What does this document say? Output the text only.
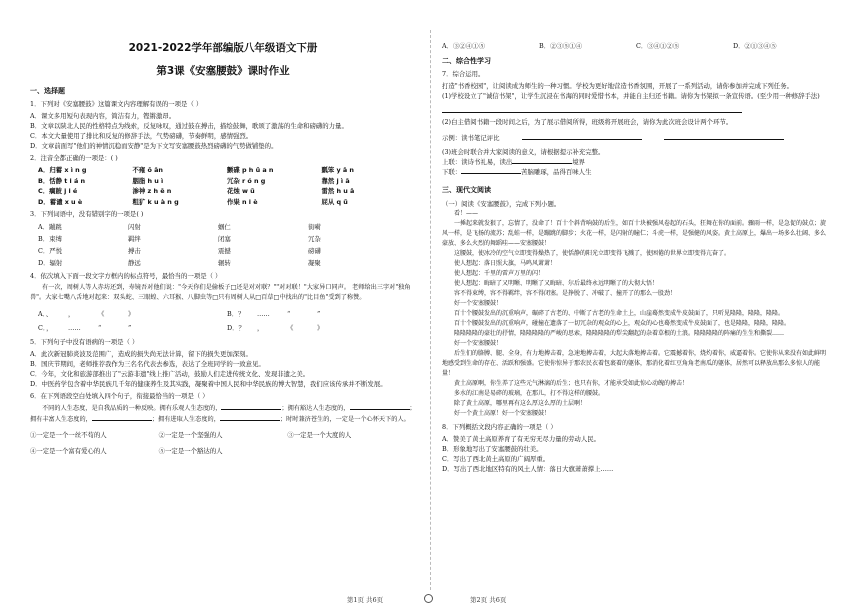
2021-2022学年部编版八年级语文下册
第3课《安塞腰鼓》课时作业
一、选择题
1．下列对《安塞腰鼓》这篇课文内容理解有误的一项是（ ）
A．课文多用短句表现内容，简洁有力，铿锵激昂。
B．文章以陕北人民的性格特点为线索，反复咏叹，通过鼓在搏击，描绘鼓舞，歌颂了激荡的生命和磅礴的力量。
C．本文大量使用了排比和反复的修辞手法，气势磅礴，节奏鲜明，感情强烈。
D．文章前面写"他们的神情沉稳而安静"是为下文写安塞腰鼓热烈磅礴的气势做铺垫的。
2．注音全都正确的一项是：( )
A．归蓄 x ì n g	不雍 ǒ ān	颤碟 p h ǔ a n	瓢笨 y ā n
B．恬静 t i á n	胭脂 h u ì	冗杂 r ó n g	靠然 j ì ā
C．瘸跛 j i é	渗神 z h ē n	花烛 w ǔ	雷然 h u ā
D．蓄谴 x u è	粗犷 k u à n g	作粜 n i è	屁从 q ǔ
3．下列词语中，没有错别字的一项是( )
A．蹦跳	闪射	蝈仁	街嗬
B．束缚	羁绊	闭塞	冗杂
C．严悦	搏击	震撼	磅礴
D．辐射	静远	辗转	凝聚
4．依次填入下面一段文字方框内的标点符号，最恰当的一项是（ ）
有一次，周树人等人赤坊还到，寿镜吾对他们说："今天你们是偷板子□还是对对联？""对对联！"大家异口同声。 老师给出三字对"独角兽"。大家七嘴八舌地对起来：双头蛇、三眼蝗、六耳猴、八脚虫等□只有周树人从□百草□中找出的"比目鱼"受到了称赞。
A．、	，	《	》	B．？	……	“	”
C．，	……	“	”	D．？	，	《	》
5．下列句子中没有语病的一项是（ ）
A．此次新冠肺炎波及范围广，造成的损失尚无法计算，留下的损失更加深刻。
B．国庆节期间，老师推荐我作为三名名代表去参选，表达了全班同学的一致意见。
C．今年，文化和旅游部推出了"云游非遗"线上推广活动，鼓励人们走进传统文化、发现非遗之美。
D．中医药学包含着中华民族几千年的健康养生及其实践，凝聚着中国人民和中华民族的博大智慧，我们应该传承并不断发展。
6．在下列语段空白处填入四个句子，衔接最恰当的一项是（ ）
不同的人生态度，是自我品质的一种反映。拥有乐观人生态度的，	；拥有豁达人生态度的，	；拥有丰富人生态度的，	；拥有进取人生态度的，	；时时兼济苍生的，一定是一个心怀天下的人。
①一定是一个一丝不苟的人	②一定是一个坚强的人	③一定是一个大度的人
④一定是一个富有爱心的人	⑤一定是一个豁达的人
A．③②④①⑤	B．②③⑤①④	C．③④①②⑤	D．②①③④⑤
二、综合性学习
7．综合运用。
打造"书香校园"，让阅读成为师生的一种习惯。学校为更好地营造书香氛围，开展了一系列活动，请你参加并完成下列任务。
(1)学校设立了"诚信书架"，让学生沉浸在书海的同时爱惜书本，并能自主归还书籍。请你为书架拟一条宣传语。(至少用一种修辞手法)
(2)白主借阅书籍一段时间之后，为了展示借阅所得，班级将开展班会，请你为此次班会设计两个环节。
示例：读书笔记评比
(3)班会时联合并大家阅读的意义，请根据提示补充完整。
上联：读诗书礼易，读出	境界
下联：	苦脑雕琢，品得百味人生
三、现代文阅读
（一）阅读《安塞腰鼓》，完成下列小题。
看！——
一捶起来就发狠了，忘情了，没命了！百十个斜背响鼓的后生，如百十块被强风卷起的石头，狂舞在你的面前。骤雨一样，是急促的鼓点；旋风一样，是飞扬的流苏；乱蛙一样，是蹦跳的脚步；火花一样，是闪射的瞳仁；斗虎一样，是强健的风姿。黄土高原上，爆出一场多么壮阔、多么豪放、多么火烈的舞蹈哇——安塞腰鼓！
这腰鼓，使冰冷的空气立即变得燥热了，使恬静的阳光立即变得飞溅了，使困倦的世界立即变得亢奋了。
使人想起：落日照大旗，马鸣风萧萧！
使人想起：千里的雷声万里的闪！
使人想起：晦暗了又明晰、明晰了又晦暗、尔后最终永远明晰了的大彻大悟！
容不得束缚，容不得羁绊，容不得闭塞。是挣脱了、冲破了、撞开了的那么一股劲！
好一个安塞腰鼓！
百十个腰鼓发出的沉重响声，碾碎了古老的、中断了古老的生命土上，山崖蓦然变成牛皮鼓面了，只听见隆隆，隆隆，隆隆。
百十个腰鼓发出的沉重响声，碰撞在遗落了一切冗杂的观众的心上，观众的心也蓦然变成牛皮鼓面了，也是隆隆，隆隆，隆隆。
隆隆隆隆的豪壮的抒情，隆隆隆隆的严峻的思索，隆隆隆隆的犁尖翻起的杂着草根的土浪。隆隆隆隆的阵痛的生生和撕裂……
好一个安塞腰鼓！
后生们的胳膊、腿、全身，有力地搏击着，急速地搏击着，大起大落地搏击着。它震撼着你，烧灼着你，威逼着你。它使你从来没有如此鲜明地感受到生命的存在、活跃和强盛。它使你惊异于那农民衣着包裹着的躯体，那消化着红豆角角老南瓜的躯体，居然可以释放出那么多惊人的能量！
黄土高原啊，你生养了这些元气淋漓的后生；也只有你，才能承受如此惊心动魄的搏击！
多水的江南是易碎的玻璃，在那儿，打不得这样的腰鼓。
除了黄土高原，哪里再有这么厚这么厚的土层啊！
好一个黄土高原！好一个安塞腰鼓！
8．下列概括文段内容正确的一项是（ ）
A．赞美了黄土高原养育了有无穷无尽力量的劳动人民。
B．形象地写出了安塞腰鼓的壮美。
C．写出了西北黄土高原的广阔厚重。
D．写出了西北地区特有的风土人情：落日大旗萧萧撑上……
第1页 共6页	第2页 共6页
